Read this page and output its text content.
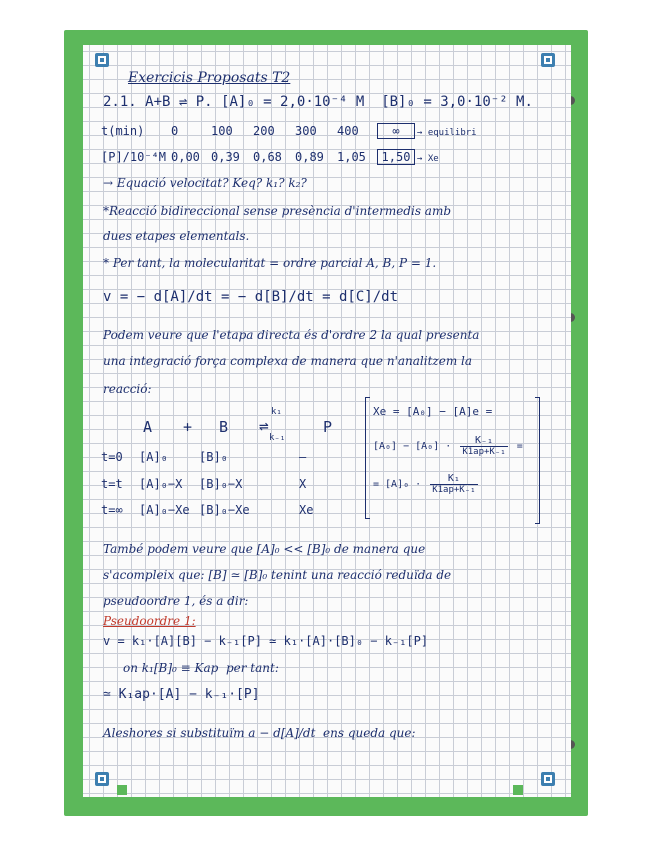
Exercicis Proposats T2
2.1. A+B ⇌ P. [A]₀ = 2,0·10⁻⁴ M [B]₀ = 3,0·10⁻² M.
t(min) 0	100 200 300 400	∞ → equilibri
[P]/10⁻⁴M 0,00 0,39 0,68 0,89 1,05 1,50 → Xe
→ Equació velocitat? Keq? k₁? k₂?
*Reacció bidireccional sense presència d'intermedis amb
dues etapes elementals.
* Per tant, la molecularitat = ordre parcial A, B, P = 1.
v = − d[A]/dt = − d[B]/dt = d[C]/dt
Podem veure que l'etapa directa és d'ordre 2 la qual presenta
una integració força complexa de manera que n'analitzem la
reacció:
A + B
k₁
⇌
k₋₁
P
t=0 [A]₀	[B]₀	—
t=t [A]₀−X [B]₀−X	X
t=∞ [A]₀−Xe [B]₀−Xe	Xe
Xe = [A₀] − [A]e =
$[A_0] - [A_0] \cdot \frac{\text{K₋₁}}{\text{K1ap+K₋₁}}$ =
= $[A]_0 \cdot \frac{\text{K₁}}{\text{K1ap+K₋₁}}$
També podem veure que [A]₀ << [B]₀ de manera que
s'acompleix que: [B] ≃ [B]₀ tenint una reacció reduïda de
pseudoordre 1, és a dir:
Pseudoordre 1:
v = k₁·[A][B] − k₋₁[P] ≃ k₁·[A]·[B]₀ − k₋₁[P]
on k₁[B]₀ ≡ Kap  per tant:
≃ K₁ap·[A] − k₋₁·[P]
Aleshores si substituïm a − d[A]/dt  ens queda que:
